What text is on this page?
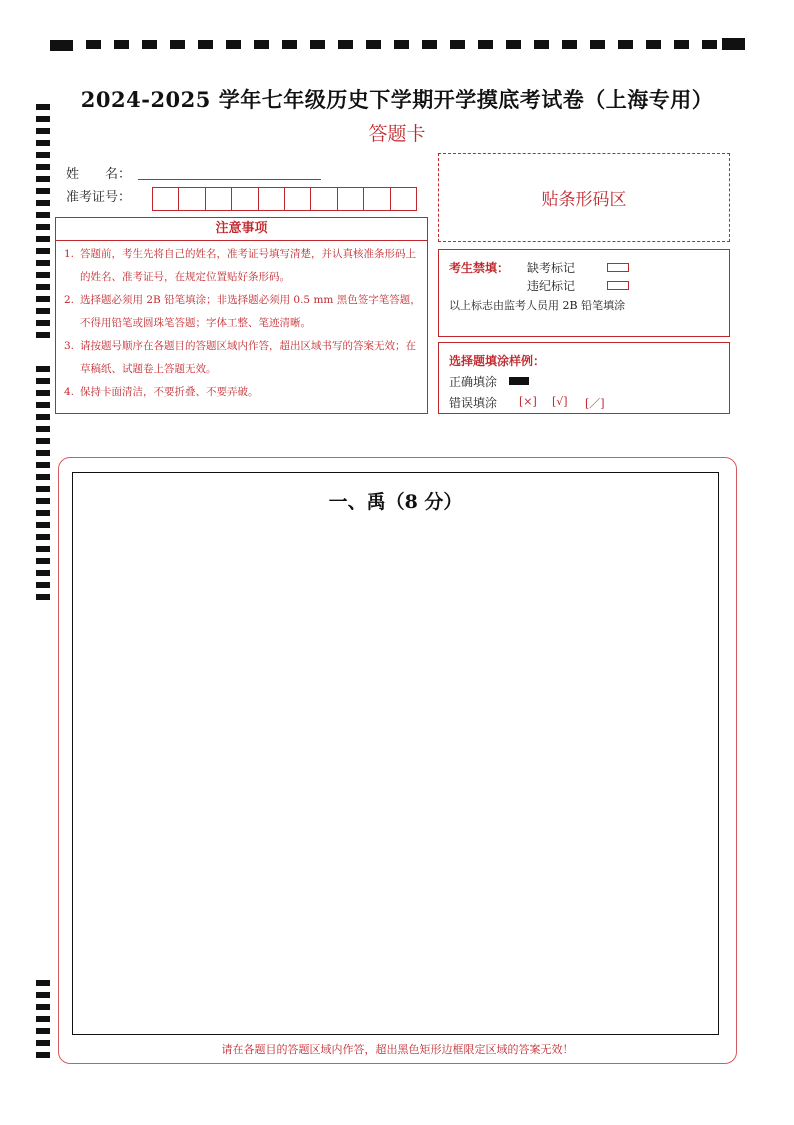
2024-2025 学年七年级历史下学期开学摸底考试卷（上海专用）
答题卡
姓　　名：
准考证号：	贴条形码区
注意事项
1. 答题前，考生先将自己的姓名，准考证号填写清楚，并认真核准条形码上的姓名、准考证号，在规定位置贴好条形码。
2. 选择题必须用 2B 铅笔填涂；非选择题必须用 0.5 mm 黑色签字笔答题，不得用铅笔或圆珠笔答题；字体工整、笔迹清晰。
3. 请按题号顺序在各题目的答题区域内作答，超出区域书写的答案无效；在草稿纸、试题卷上答题无效。
4. 保持卡面清洁，不要折叠、不要弄破。
考生禁填： 缺考标记
违纪标记
以上标志由监考人员用 2B 铅笔填涂
选择题填涂样例：
正确填涂
错误填涂 [×] [√] [／]
一、禹（8 分）
请在各题目的答题区域内作答，超出黑色矩形边框限定区域的答案无效！
